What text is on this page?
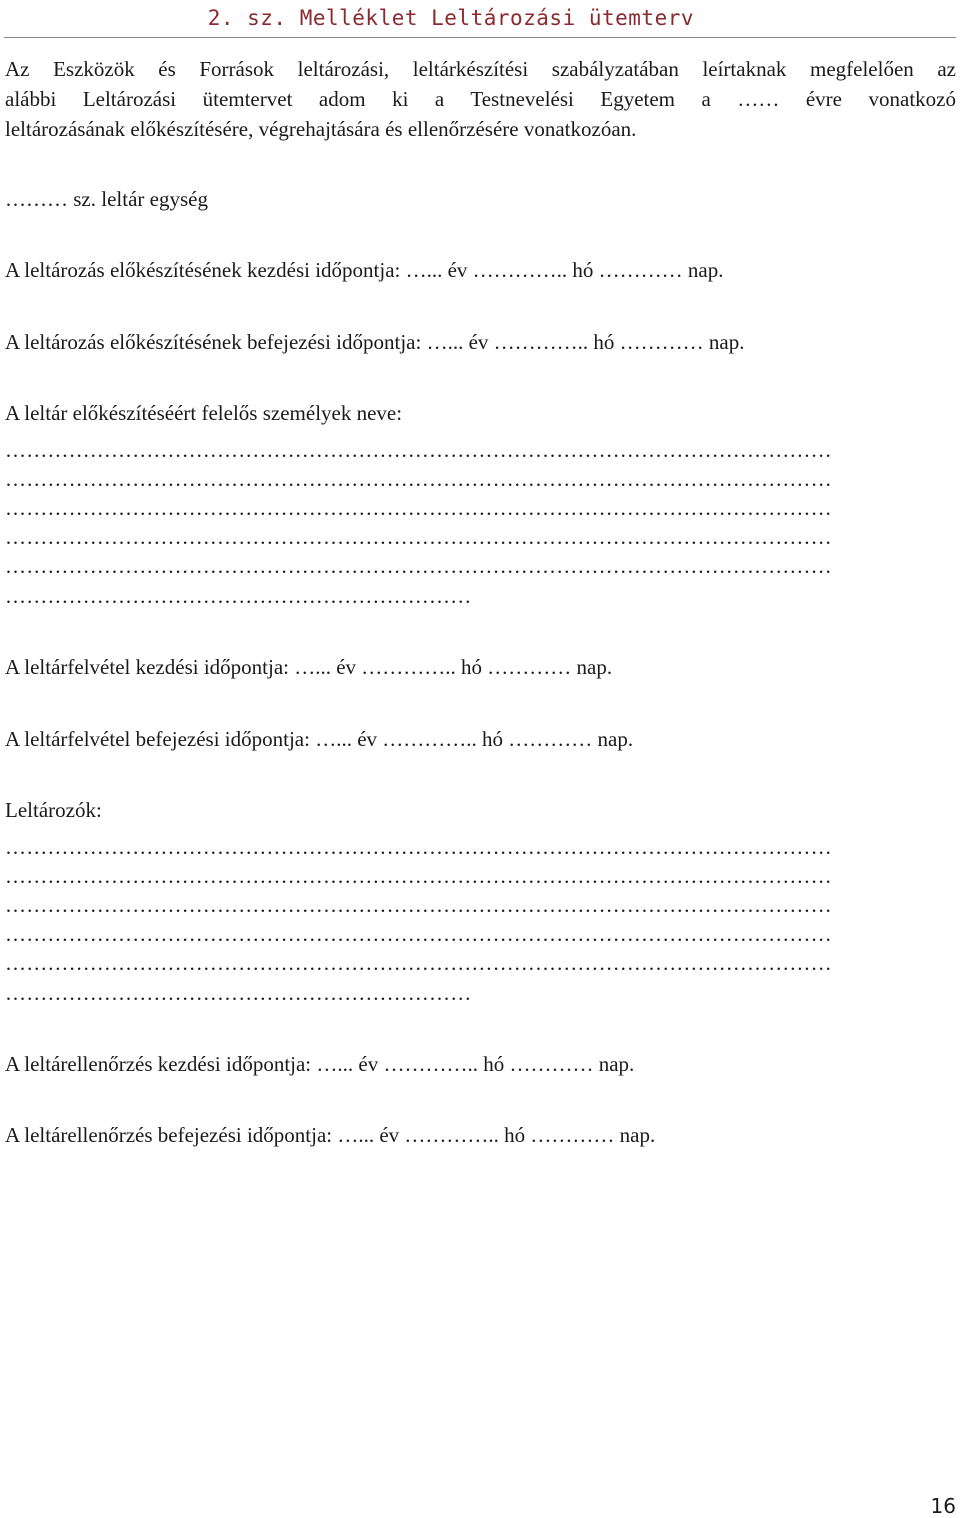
2. sz. Melléklet Leltározási ütemterv
Az Eszközök és Források leltározási, leltárkészítési szabályzatában leírtaknak megfelelően az
alábbi Leltározási ütemtervet adom ki a Testnevelési Egyetem a …… évre vonatkozó
leltározásának előkészítésére, végrehajtására és ellenőrzésére vonatkozóan.
……… sz. leltár egység
A leltározás előkészítésének kezdési időpontja: …... év ………….. hó ………… nap.
A leltározás előkészítésének befejezési időpontja: …... év ………….. hó ………… nap.
A leltár előkészítéséért felelős személyek neve:
………………………………………………………………………………………………………
………………………………………………………………………………………………………
………………………………………………………………………………………………………
………………………………………………………………………………………………………
………………………………………………………………………………………………………
…………………………………………………………
A leltárfelvétel kezdési időpontja: …... év ………….. hó ………… nap.
A leltárfelvétel befejezési időpontja: …... év ………….. hó ………… nap.
Leltározók:
………………………………………………………………………………………………………
………………………………………………………………………………………………………
………………………………………………………………………………………………………
………………………………………………………………………………………………………
………………………………………………………………………………………………………
…………………………………………………………
A leltárellenőrzés kezdési időpontja: …... év ………….. hó ………… nap.
A leltárellenőrzés befejezési időpontja: …... év ………….. hó ………… nap.
16
